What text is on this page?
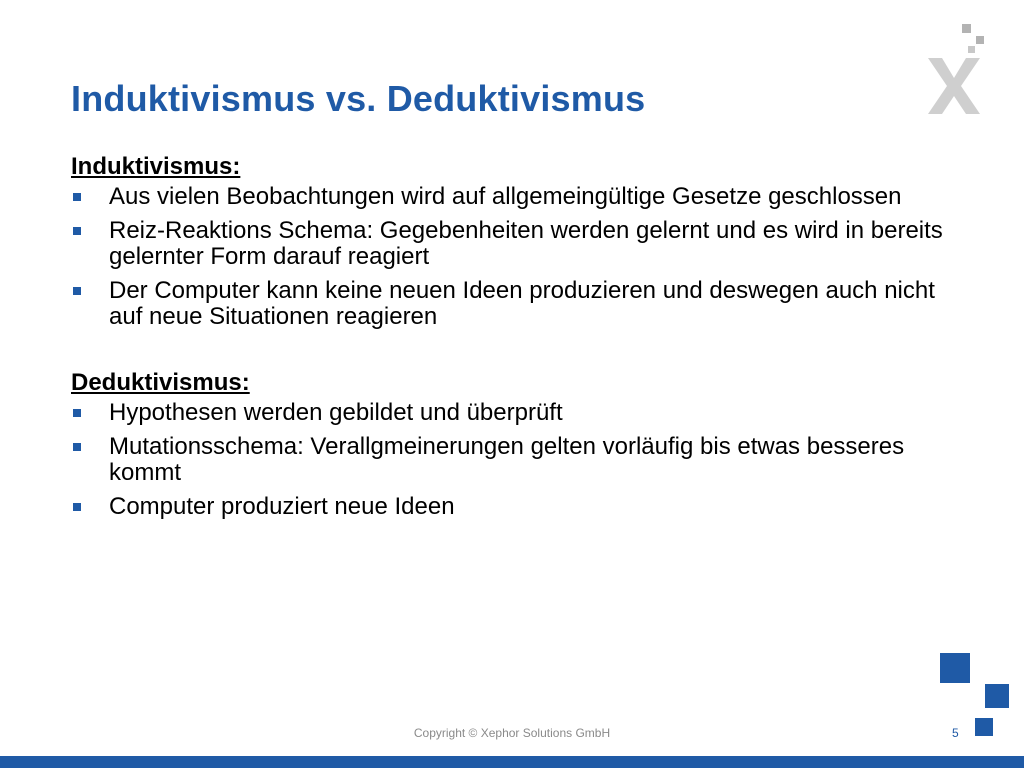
Induktivismus vs. Deduktivismus

Induktivismus:

Aus vielen Beobachtungen wird auf allgemeingültige Gesetze geschlossen
Reiz-Reaktions Schema: Gegebenheiten werden gelernt und es wird in bereits gelernter Form darauf reagiert
Der Computer kann keine neuen Ideen produzieren und deswegen auch nicht auf neue Situationen reagieren

Deduktivismus:

Hypothesen werden gebildet und überprüft
Mutationsschema: Verallgmeinerungen gelten vorläufig bis etwas besseres kommt
Computer produziert neue Ideen
Copyright © Xephor Solutions GmbH	5
